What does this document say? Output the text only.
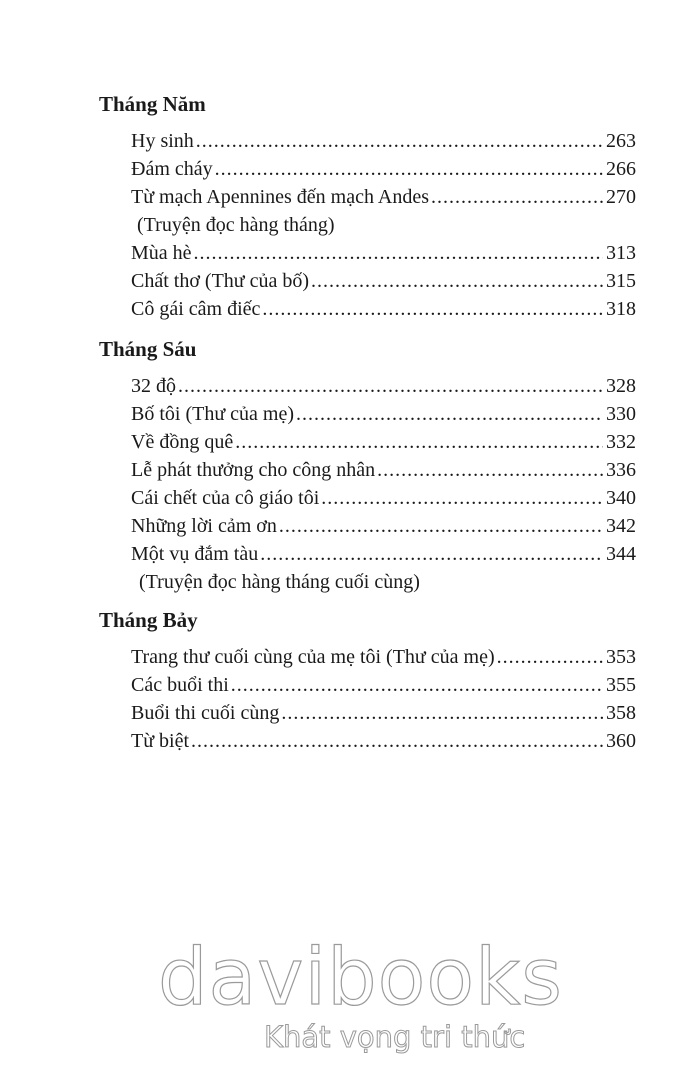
Tháng Năm
Hy sinh .....	263
Đám cháy .....	266
Từ mạch Apennines đến mạch Andes .....	270
(Truyện đọc hàng tháng)
Mùa hè .....	313
Chất thơ (Thư của bố) .....	315
Cô gái câm điếc .....	318
Tháng Sáu
32 độ .....	328
Bố tôi (Thư của mẹ) .....	330
Về đồng quê .....	332
Lễ phát thưởng cho công nhân .....	336
Cái chết của cô giáo tôi .....	340
Những lời cảm ơn .....	342
Một vụ đắm tàu .....	344
(Truyện đọc hàng tháng cuối cùng)
Tháng Bảy
Trang thư cuối cùng của mẹ tôi (Thư của mẹ) .....	353
Các buổi thi .....	355
Buổi thi cuối cùng .....	358
Từ biệt .....	360
davibooks
Khát vọng tri thức
